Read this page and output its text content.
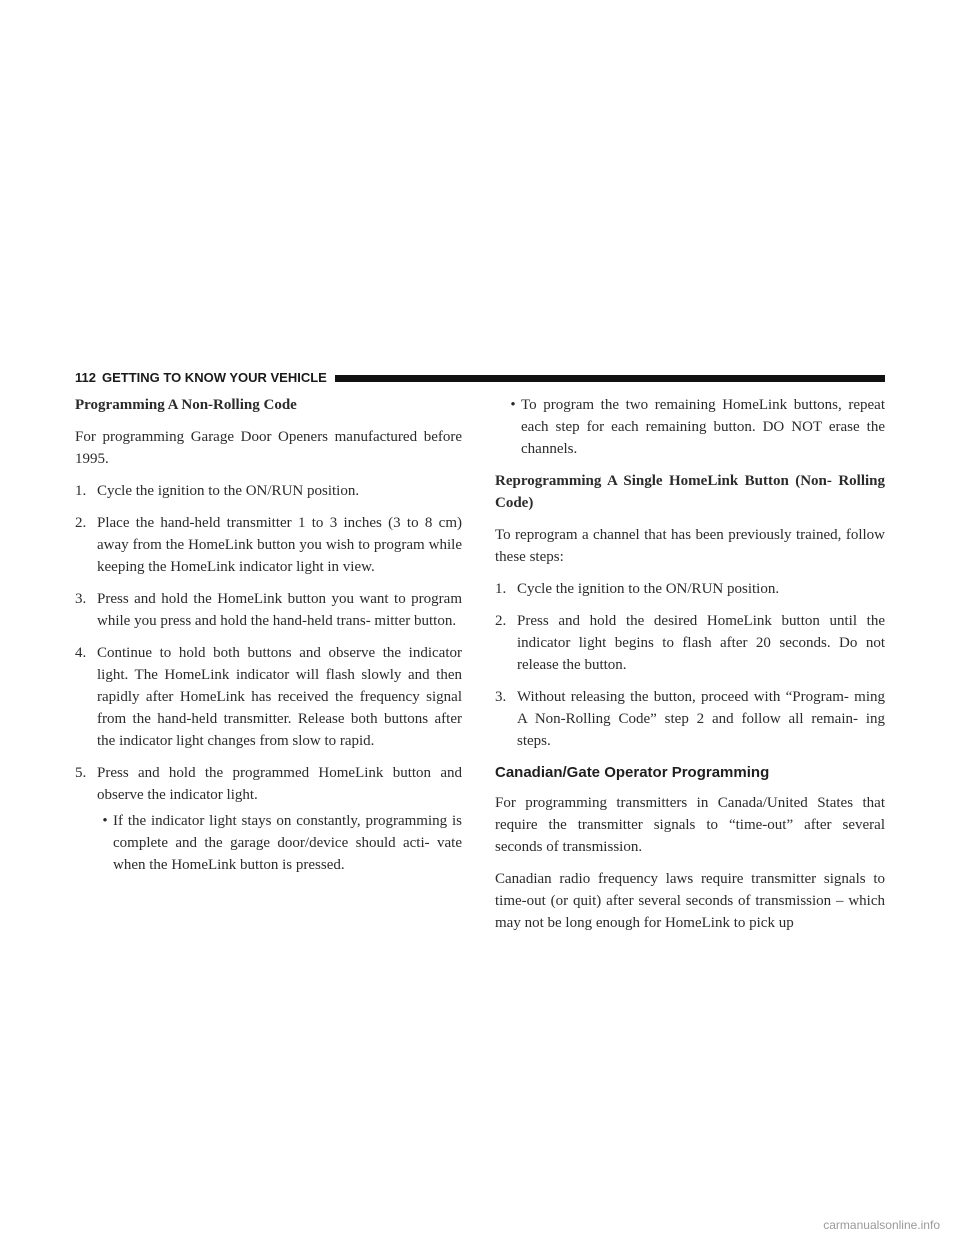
112 GETTING TO KNOW YOUR VEHICLE

Programming A Non-Rolling Code

For programming Garage Door Openers manufactured before 1995.

1. Cycle the ignition to the ON/RUN position.
2. Place the hand-held transmitter 1 to 3 inches (3 to 8 cm) away from the HomeLink button you wish to program while keeping the HomeLink indicator light in view.
3. Press and hold the HomeLink button you want to program while you press and hold the hand-held trans- mitter button.
4. Continue to hold both buttons and observe the indicator light. The HomeLink indicator will flash slowly and then rapidly after HomeLink has received the frequency signal from the hand-held transmitter. Release both buttons after the indicator light changes from slow to rapid.
5. Press and hold the programmed HomeLink button and observe the indicator light.
• If the indicator light stays on constantly, programming is complete and the garage door/device should acti- vate when the HomeLink button is pressed.
• To program the two remaining HomeLink buttons, repeat each step for each remaining button. DO NOT erase the channels.

Reprogramming A Single HomeLink Button (Non- Rolling Code)

To reprogram a channel that has been previously trained, follow these steps:

1. Cycle the ignition to the ON/RUN position.
2. Press and hold the desired HomeLink button until the indicator light begins to flash after 20 seconds. Do not release the button.
3. Without releasing the button, proceed with “Program- ming A Non-Rolling Code” step 2 and follow all remain- ing steps.
Canadian/Gate Operator Programming

For programming transmitters in Canada/United States that require the transmitter signals to “time-out” after several seconds of transmission.

Canadian radio frequency laws require transmitter signals to time-out (or quit) after several seconds of transmission – which may not be long enough for HomeLink to pick up

carmanualsonline.info
